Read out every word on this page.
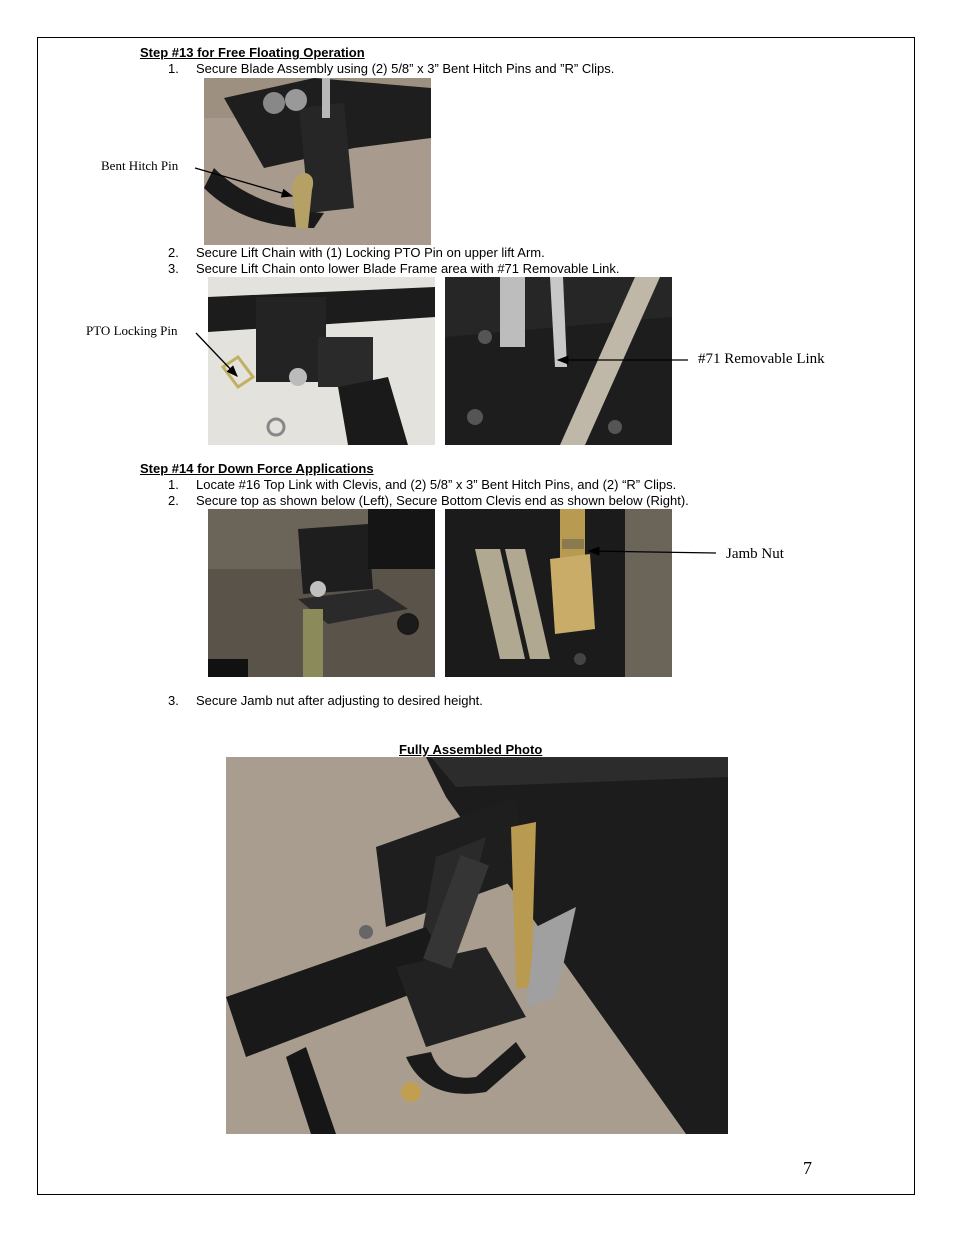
Step #13 for Free Floating Operation
1. Secure Blade Assembly using (2) 5/8” x 3” Bent Hitch Pins and ”R” Clips.
Bent Hitch Pin
2. Secure Lift Chain with (1) Locking PTO Pin on upper lift Arm.
3. Secure Lift Chain onto lower Blade Frame area with #71 Removable Link.
PTO Locking Pin
#71 Removable Link
Step #14 for Down Force Applications
1. Locate #16 Top Link with Clevis, and (2) 5/8” x 3” Bent Hitch Pins, and (2) “R” Clips.
2. Secure top as shown below (Left), Secure Bottom Clevis end as shown below (Right).
Jamb Nut
3. Secure Jamb nut after adjusting to desired height.
Fully Assembled Photo
7
